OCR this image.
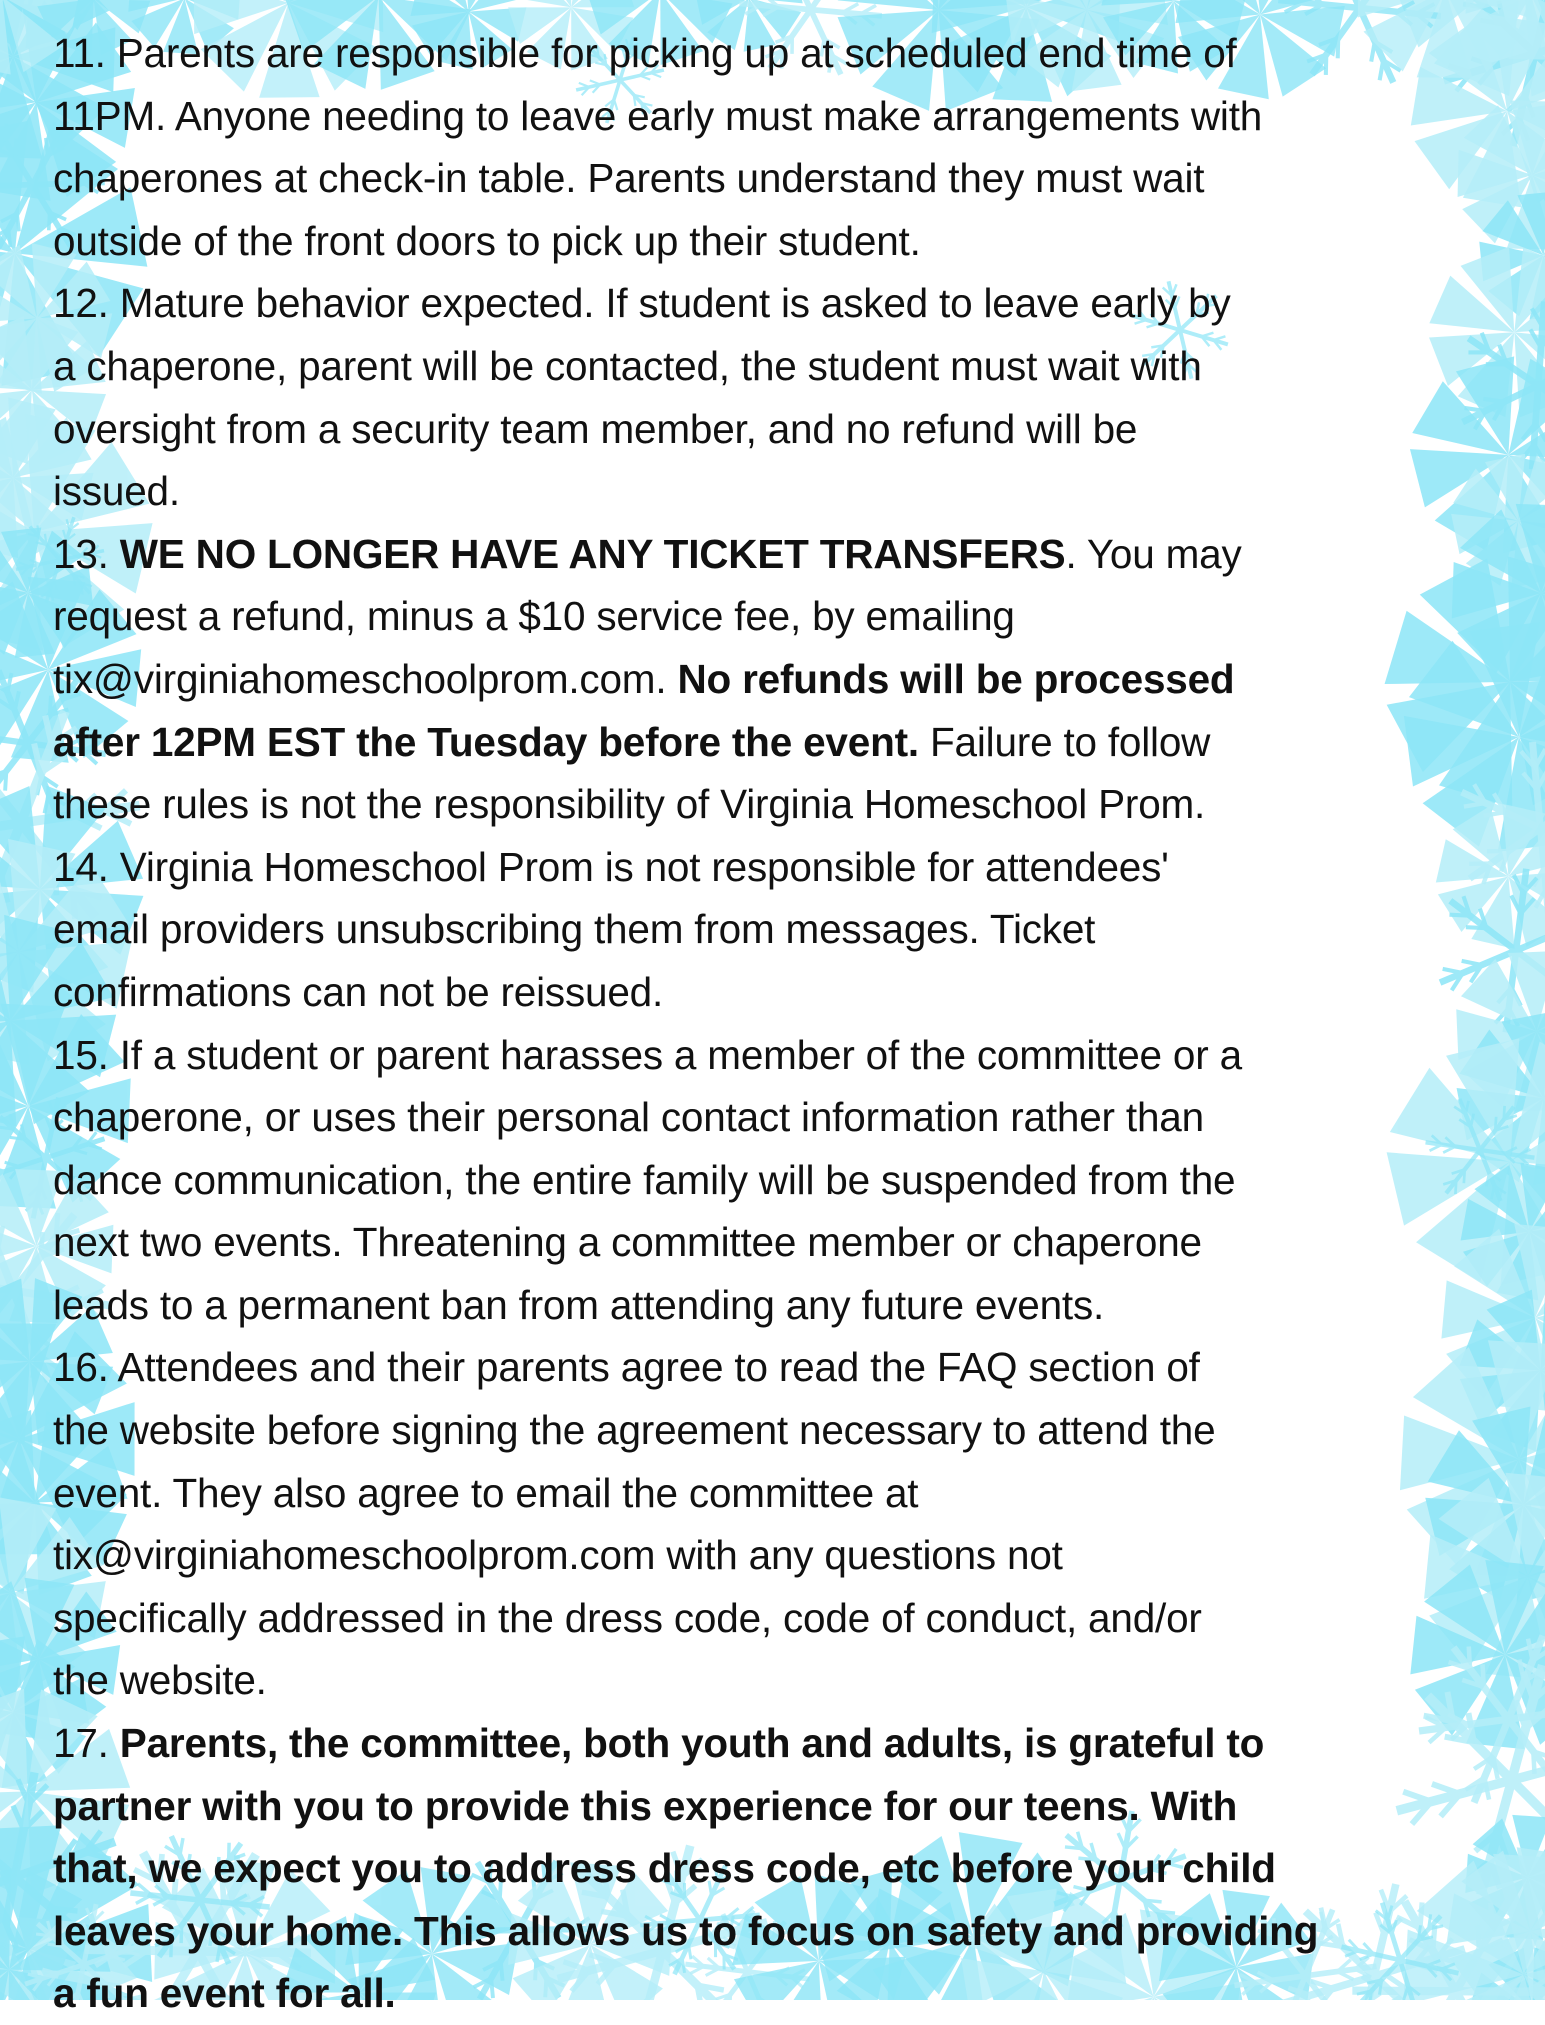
11. Parents are responsible for picking up at scheduled end time of
11PM. Anyone needing to leave early must make arrangements with
chaperones at check-in table. Parents understand they must wait
outside of the front doors to pick up their student.
12. Mature behavior expected. If student is asked to leave early by
a chaperone, parent will be contacted, the student must wait with
oversight from a security team member, and no refund will be
issued.
13. WE NO LONGER HAVE ANY TICKET TRANSFERS. You may
request a refund, minus a $10 service fee, by emailing
tix@virginiahomeschoolprom.com. No refunds will be processed
after 12PM EST the Tuesday before the event. Failure to follow
these rules is not the responsibility of Virginia Homeschool Prom.
14. Virginia Homeschool Prom is not responsible for attendees'
email providers unsubscribing them from messages. Ticket
confirmations can not be reissued.
15. If a student or parent harasses a member of the committee or a
chaperone, or uses their personal contact information rather than
dance communication, the entire family will be suspended from the
next two events. Threatening a committee member or chaperone
leads to a permanent ban from attending any future events.
16. Attendees and their parents agree to read the FAQ section of
the website before signing the agreement necessary to attend the
event. They also agree to email the committee at
tix@virginiahomeschoolprom.com with any questions not
specifically addressed in the dress code, code of conduct, and/or
the website.
17. Parents, the committee, both youth and adults, is grateful to
partner with you to provide this experience for our teens. With
that, we expect you to address dress code, etc before your child
leaves your home. This allows us to focus on safety and providing
a fun event for all.
